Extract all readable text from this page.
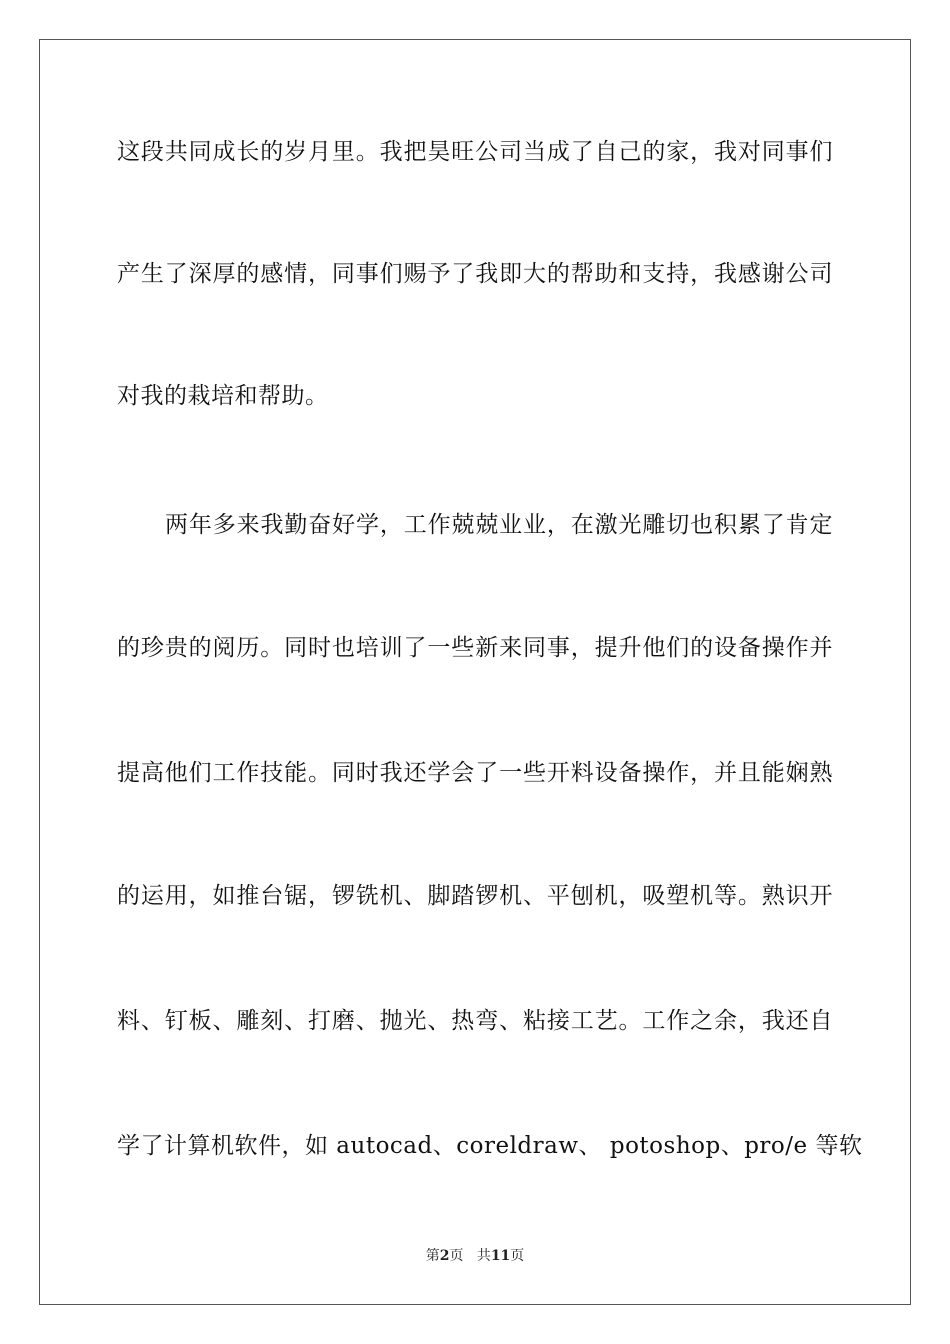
这段共同成长的岁月里。我把昊旺公司当成了自己的家，我对同事们
产生了深厚的感情，同事们赐予了我即大的帮助和支持，我感谢公司
对我的栽培和帮助。
两年多来我勤奋好学，工作兢兢业业，在激光雕切也积累了肯定
的珍贵的阅历。同时也培训了一些新来同事，提升他们的设备操作并
提高他们工作技能。同时我还学会了一些开料设备操作，并且能娴熟
的运用，如推台锯，锣铣机、脚踏锣机、平刨机，吸塑机等。熟识开
料、钉板、雕刻、打磨、抛光、热弯、粘接工艺。工作之余，我还自
学了计算机软件，如 autocad、coreldraw、 potoshop、pro/e 等软
第2页 共11页
